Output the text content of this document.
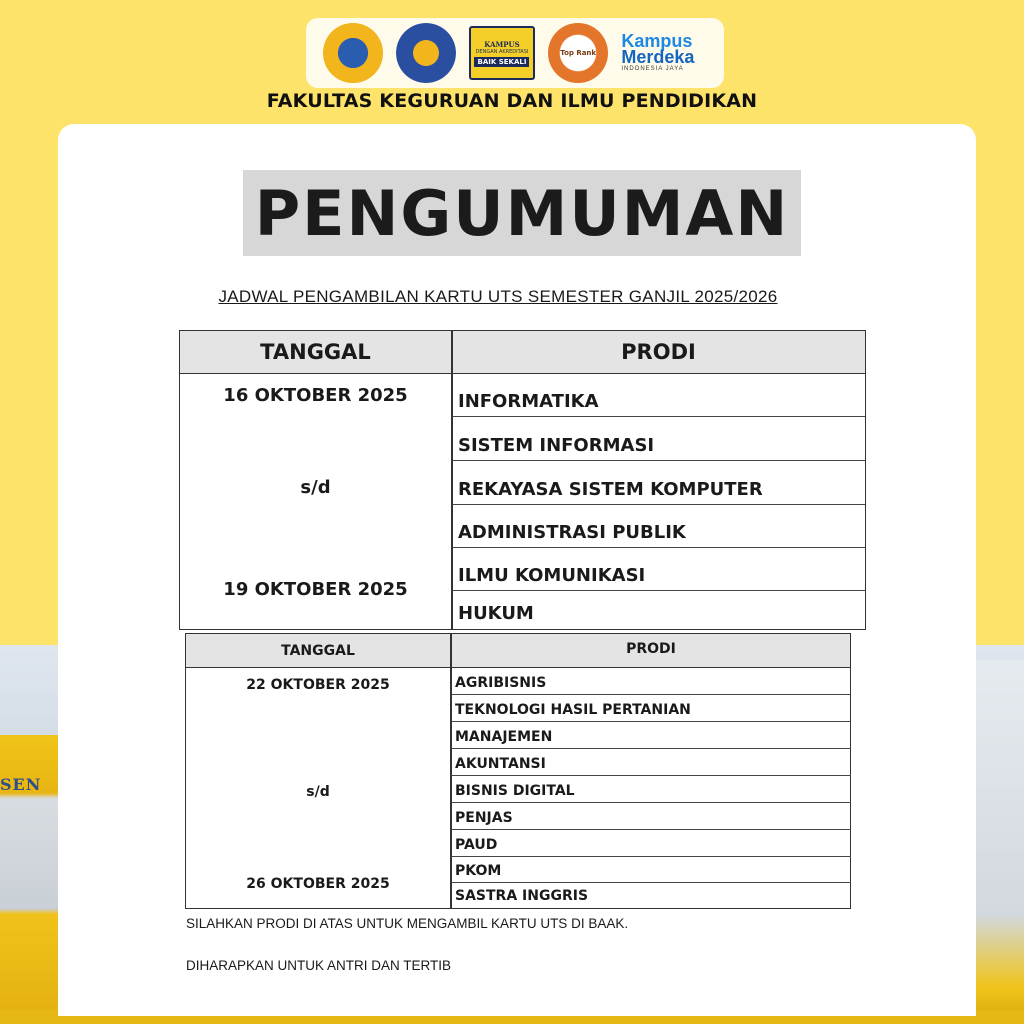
SEN
KAMPUS
DENGAN AKREDITASI
BAIK SEKALI
Top Rank
Kampus
Merdeka
INDONESIA JAYA
FAKULTAS KEGURUAN DAN ILMU PENDIDIKAN
PENGUMUMAN
JADWAL PENGAMBILAN KARTU UTS SEMESTER GANJIL 2025/2026
TANGGAL	PRODI
16 OKTOBER 2025
s/d
19 OKTOBER 2025
INFORMATIKA
SISTEM INFORMASI
REKAYASA SISTEM KOMPUTER
ADMINISTRASI PUBLIK
ILMU KOMUNIKASI
HUKUM
TANGGAL	PRODI
22 OKTOBER 2025
s/d
26 OKTOBER 2025
AGRIBISNIS
TEKNOLOGI HASIL PERTANIAN
MANAJEMEN
AKUNTANSI
BISNIS DIGITAL
PENJAS
PAUD
PKOM
SASTRA INGGRIS
SILAHKAN PRODI DI ATAS UNTUK MENGAMBIL KARTU UTS DI BAAK.
DIHARAPKAN UNTUK ANTRI DAN TERTIB
